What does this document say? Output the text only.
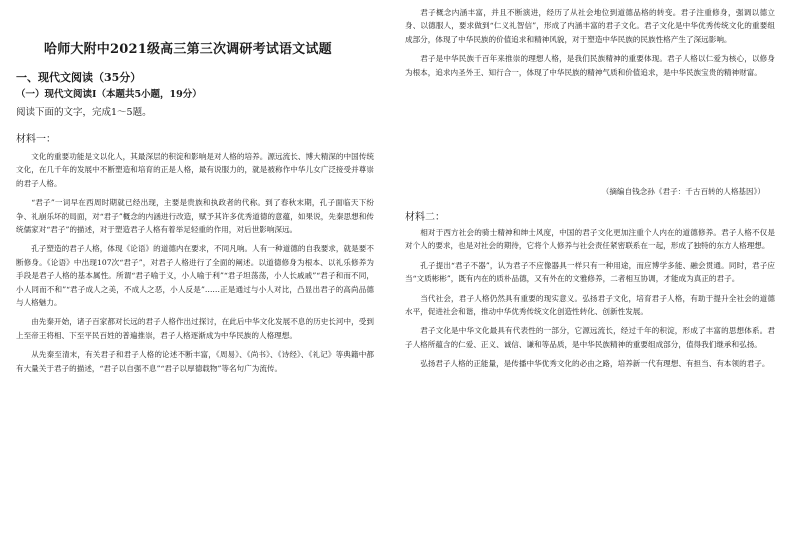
哈师大附中2021级高三第三次调研考试语文试题
一、现代文阅读（35分）
（一）现代文阅读Ⅰ（本题共5小题，19分）
阅读下面的文字，完成1～5题。
材料一：

文化的重要功能是文以化人，其最深层的积淀和影响是对人格的培养。源远流长、博大精深的中国传统文化，在几千年的发展中不断塑造和培育的正是人格，最有说服力的，就是被称作中华儿女广泛接受并尊崇的君子人格。

“君子”一词早在西周时期就已经出现，主要是贵族和执政者的代称。到了春秋末期，孔子面临天下纷争、礼崩乐坏的局面，对“君子”概念的内涵进行改造，赋予其许多优秀道德的意蕴，如果说，先秦思想和传统儒家对“君子”的描述，对于塑造君子人格有着举足轻重的作用，对后世影响深远。

孔子塑造的君子人格，体现《论语》的道德内在要求，不同凡响。人有一种道德的自我要求，就是要不断修身。《论语》中出现107次“君子”，对君子人格进行了全面的阐述。以道德修身为根本、以礼乐修养为手段是君子人格的基本属性。所谓“君子喻于义，小人喻于利”“君子坦荡荡，小人长戚戚”“君子和而不同，小人同而不和”“君子成人之美，不成人之恶，小人反是”……正是通过与小人对比，凸显出君子的高尚品德与人格魅力。

由先秦开始，诸子百家都对长远的君子人格作出过探讨，在此后中华文化发展不息的历史长河中，受到上至帝王将相、下至平民百姓的普遍推崇，君子人格逐渐成为中华民族的人格理想。

从先秦至清末，有关君子和君子人格的论述不断丰富，《周易》、《尚书》、《诗经》、《礼记》等典籍中都有大量关于君子的描述，“君子以自强不息”“君子以厚德载物”等名句广为流传。

君子概念内涵丰富，并且不断演进，经历了从社会地位到道德品格的转变。君子注重修身，强调以德立身、以德服人，要求做到“仁义礼智信”，形成了内涵丰富的君子文化。君子文化是中华优秀传统文化的重要组成部分，体现了中华民族的价值追求和精神风貌，对于塑造中华民族的民族性格产生了深远影响。

君子是中华民族千百年来推崇的理想人格，是我们民族精神的重要体现。君子人格以仁爱为核心，以修身为根本，追求内圣外王、知行合一，体现了中华民族的精神气质和价值追求，是中华民族宝贵的精神财富。

（摘编自钱念孙《君子：千古百转的人格基因》）
材料二：

相对于西方社会的骑士精神和绅士风度，中国的君子文化更加注重个人内在的道德修养。君子人格不仅是对个人的要求，也是对社会的期待，它将个人修养与社会责任紧密联系在一起，形成了独特的东方人格理想。

孔子提出“君子不器”，认为君子不应像器具一样只有一种用途，而应博学多能、融会贯通。同时，君子应当“文质彬彬”，既有内在的质朴品德，又有外在的文雅修养，二者相互协调，才能成为真正的君子。

当代社会，君子人格仍然具有重要的现实意义。弘扬君子文化，培育君子人格，有助于提升全社会的道德水平，促进社会和谐，推动中华优秀传统文化创造性转化、创新性发展。

君子文化是中华文化最具有代表性的一部分，它源远流长，经过千年的积淀，形成了丰富的思想体系。君子人格所蕴含的仁爱、正义、诚信、谦和等品质，是中华民族精神的重要组成部分，值得我们继承和弘扬。

弘扬君子人格的正能量，是传播中华优秀文化的必由之路，培养新一代有理想、有担当、有本领的君子。
